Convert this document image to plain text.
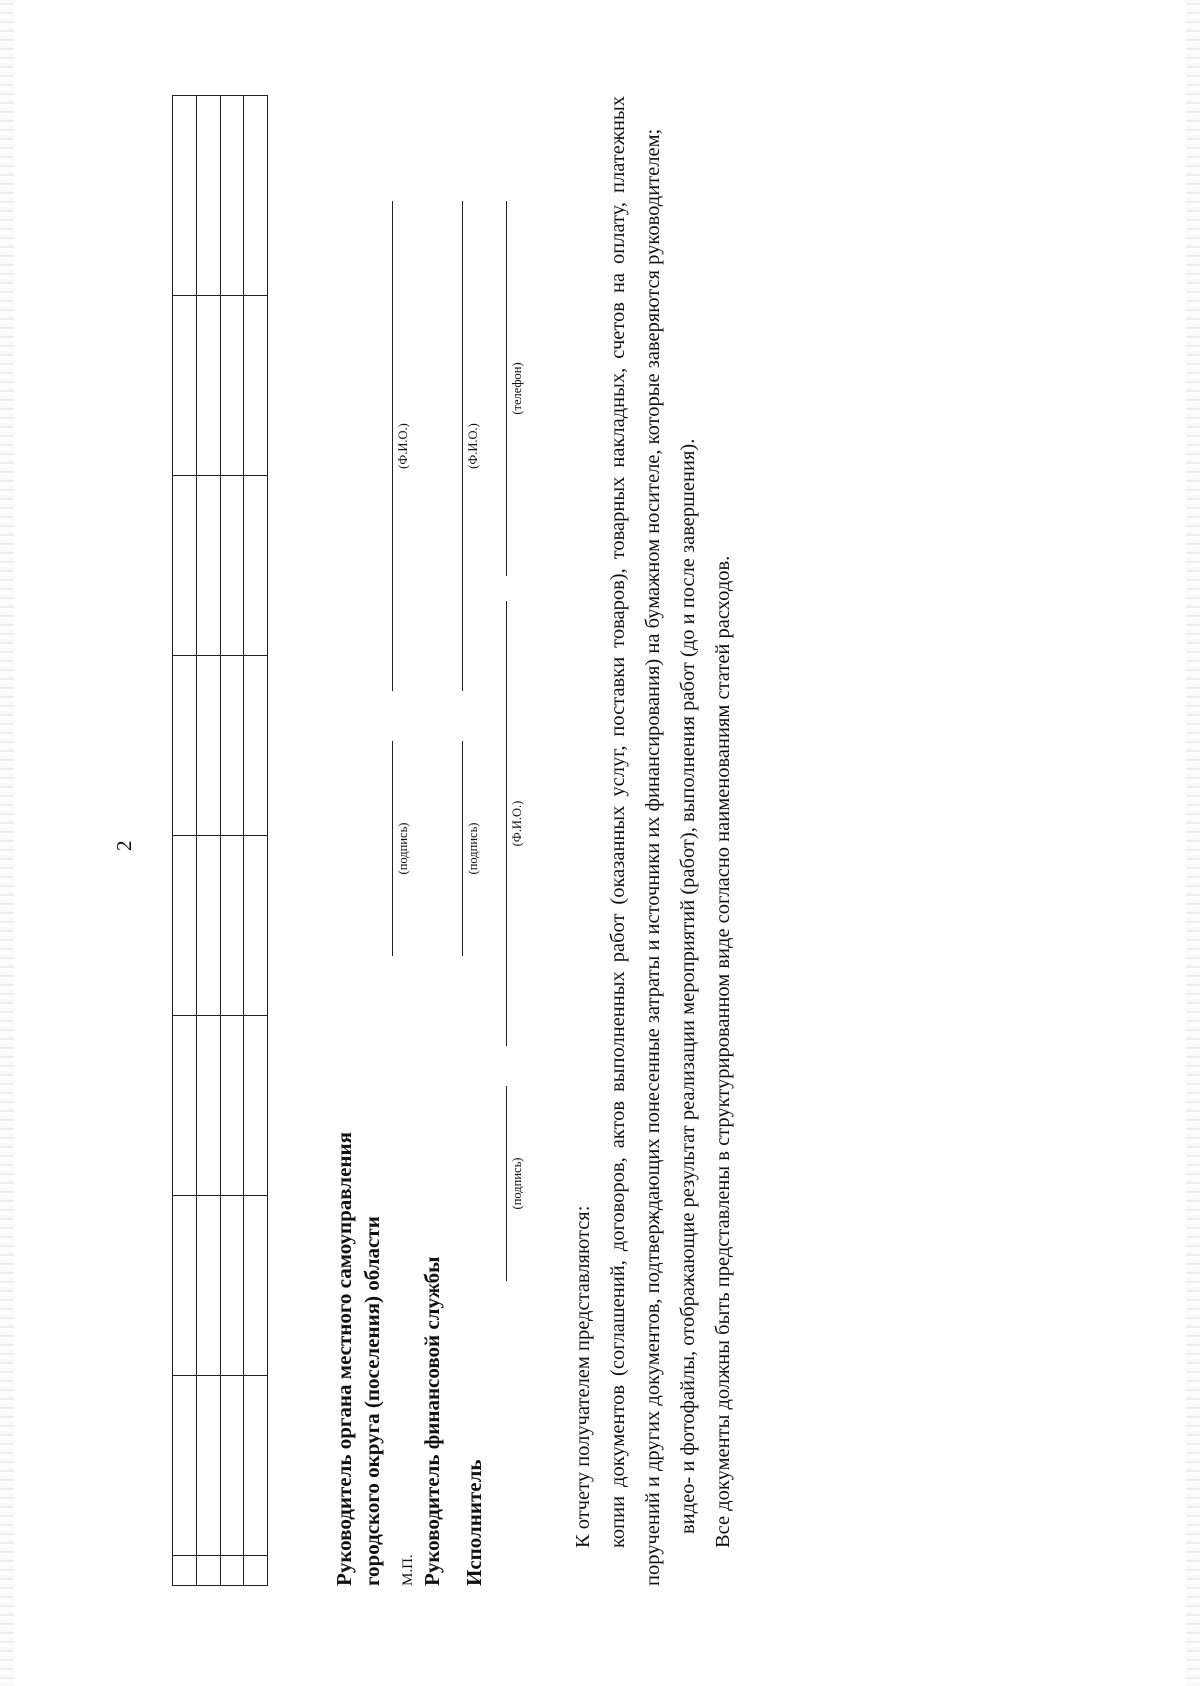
2

Руководитель органа местного самоуправления городского округа (поселения) области
(подпись)
(Ф.И.О.)
М.П. Руководитель финансовой службы
(подпись)
(Ф.И.О.)
Исполнитель
(подпись)
(Ф.И.О.)
(телефон)

К отчету получателем представляются: копии документов (соглашений, договоров, актов выполненных работ (оказанных услуг, поставки товаров), товарных накладных, счетов на оплату, платежных поручений и других документов, подтверждающих понесенные затраты и источники их финансирования) на бумажном носителе, которые заверяются руководителем; видео- и фотофайлы, отображающие результат реализации мероприятий (работ), выполнения работ (до и после завершения). Все документы должны быть представлены в структурированном виде согласно наименованиям статей расходов.
